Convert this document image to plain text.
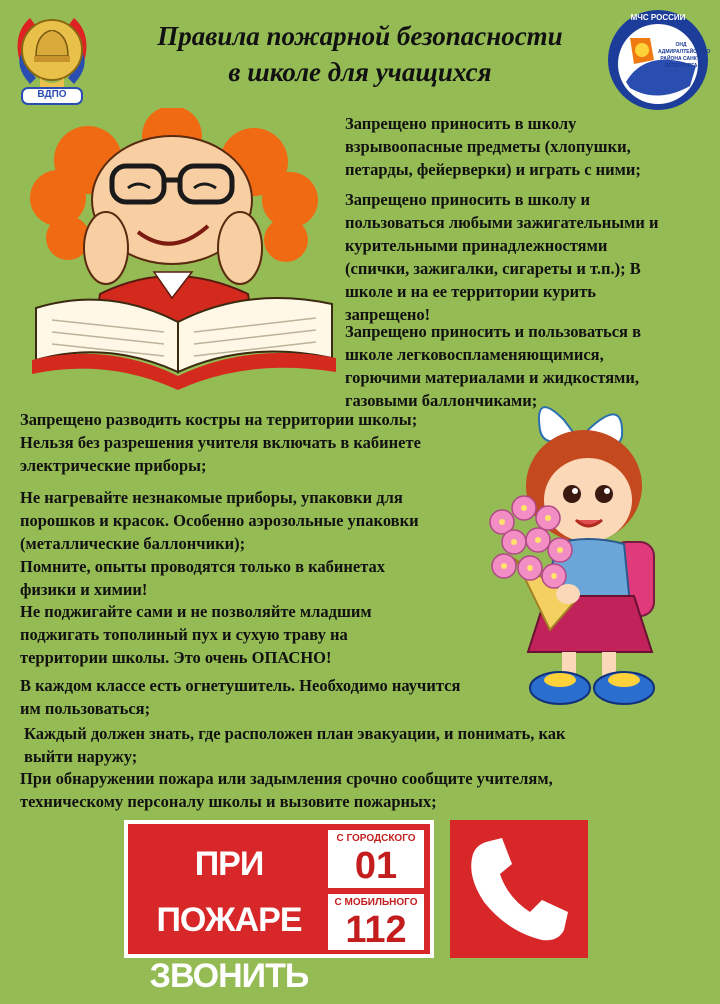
ВДПО
МЧС РОССИИ
ОНД АДМИРАЛТЕЙСКОГО РАЙОНА САНКТ-ПЕТЕРБУРГА
Правила пожарной безопасности
в школе для учащихся
Запрещено приносить в школу
взрывоопасные предметы (хлопушки,
петарды, фейерверки) и играть с ними;
Запрещено приносить в школу и
пользоваться любыми зажигательными и
курительными принадлежностями
(спички, зажигалки, сигареты и т.п.); В
школе и на ее территории курить
запрещено!
Запрещено приносить и пользоваться в
школе легковоспламеняющимися,
горючими материалами и жидкостями,
газовыми баллончиками;
Запрещено разводить костры на территории школы;
Нельзя без разрешения учителя включать в кабинете
электрические приборы;
Не нагревайте незнакомые приборы, упаковки для
порошков и красок. Особенно аэрозольные упаковки
(металлические баллончики);
Помните, опыты проводятся только в кабинетах
физики и химии!
Не поджигайте сами и не позволяйте младшим
поджигать тополиный пух и сухую траву на
территории школы. Это очень ОПАСНО!
В каждом классе есть огнетушитель. Необходимо научится
им пользоваться;
Каждый должен знать, где расположен план эвакуации, и понимать, как
выйти наружу;
При обнаружении пожара или задымления срочно сообщите учителям,
техническому персоналу школы и вызовите пожарных;
ПРИ ПОЖАРЕ
ЗВОНИТЬ
С ГОРОДСКОГО
01
С МОБИЛЬНОГО
112
